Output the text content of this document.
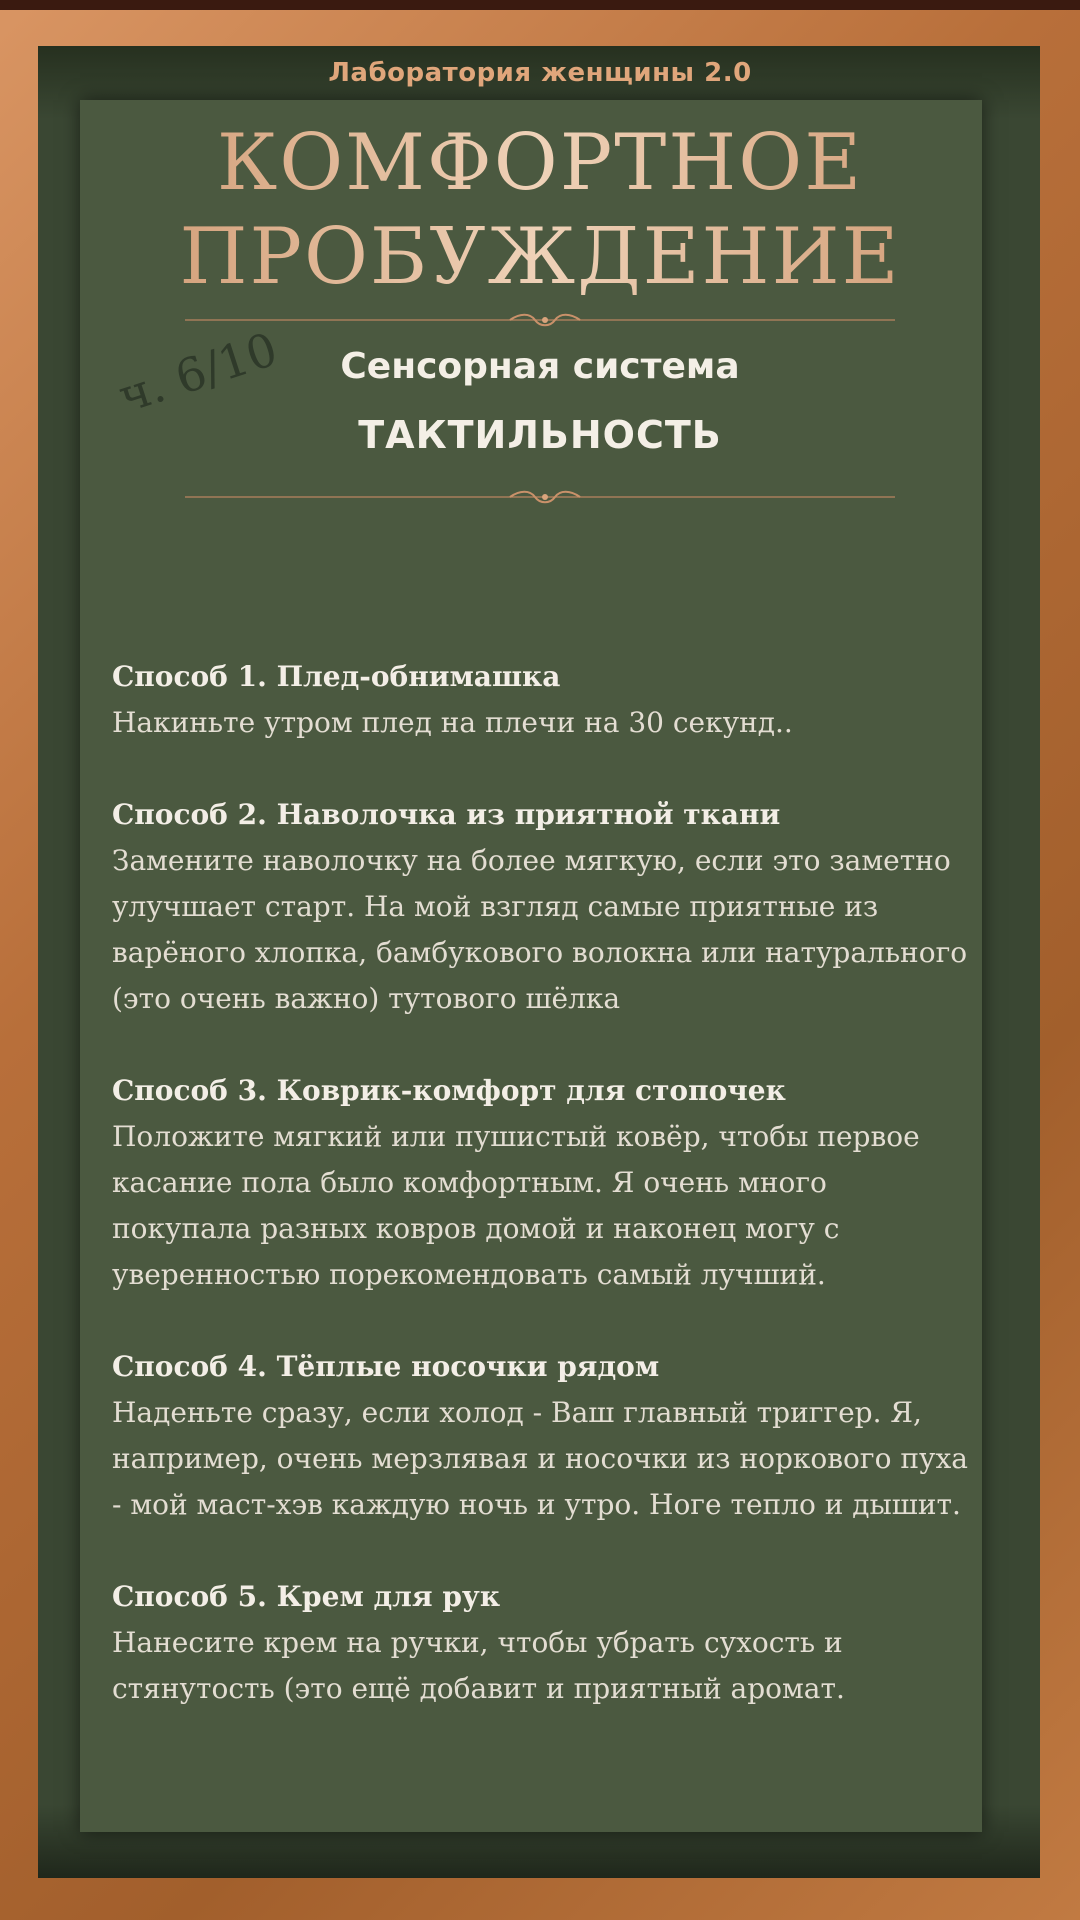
Лаборатория женщины 2.0
КОМФОРТНОЕ
ПРОБУЖДЕНИЕ
ч. 6/10	Сенсорная система
ТАКТИЛЬНОСТЬ
Способ 1. Плед-обнимашка
Накиньте утром плед на плечи на 30 секунд..
Способ 2. Наволочка из приятной ткани
Замените наволочку на более мягкую, если это заметно улучшает старт. На мой взгляд самые приятные из варёного хлопка, бамбукового волокна или натурального (это очень важно) тутового шёлка
Способ 3. Коврик-комфорт для стопочек
Положите мягкий или пушистый ковёр, чтобы первое касание пола было комфортным. Я очень много покупала разных ковров домой и наконец могу с уверенностью порекомендовать самый лучший.
Способ 4. Тёплые носочки рядом
Наденьте сразу, если холод - Ваш главный триггер. Я, например, очень мерзлявая и носочки из норкового пуха - мой маст-хэв каждую ночь и утро. Ноге тепло и дышит.
Способ 5. Крем для рук
Нанесите крем на ручки, чтобы убрать сухость и стянутость (это ещё добавит и приятный аромат.
